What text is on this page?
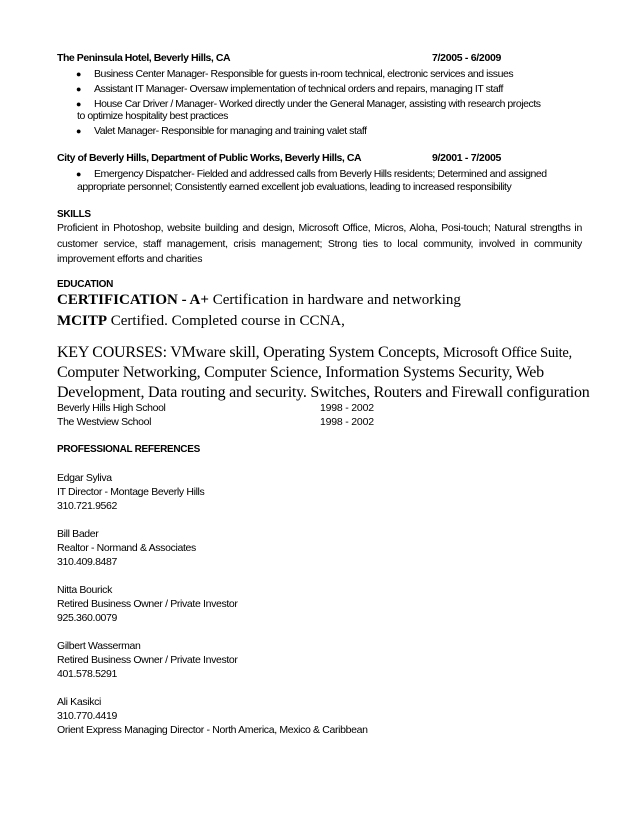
The Peninsula Hotel, Beverly Hills, CA	7/2005 - 6/2009
●	Business Center Manager- Responsible for guests in-room technical, electronic services and issues
●	Assistant IT Manager- Oversaw implementation of technical orders and repairs, managing IT staff
●	House Car Driver / Manager- Worked directly under the General Manager, assisting with research projects
to optimize hospitality best practices
●	Valet Manager- Responsible for managing and training valet staff
City of Beverly Hills, Department of Public Works, Beverly Hills, CA	9/2001 - 7/2005
●	Emergency Dispatcher- Fielded and addressed calls from Beverly Hills residents; Determined and assigned
appropriate personnel; Consistently earned excellent job evaluations, leading to increased responsibility
SKILLS
Proficient in Photoshop, website building and design, Microsoft Office, Micros, Aloha, Posi-touch; Natural strengths in customer service, staff management, crisis management; Strong ties to local community, involved in community improvement efforts and charities
EDUCATION
CERTIFICATION - A+ Certification in hardware and networking
MCITP Certified. Completed course in CCNA,
KEY COURSES: VMware skill, Operating System Concepts, Microsoft Office Suite,
Computer Networking, Computer Science, Information Systems Security, Web
Development, Data routing and security. Switches, Routers and Firewall configuration
Beverly Hills High School	1998 - 2002
The Westview School	1998 - 2002
PROFESSIONAL REFERENCES
Edgar Syliva
IT Director - Montage Beverly Hills
310.721.9562
Bill Bader
Realtor - Normand & Associates
310.409.8487
Nitta Bourick
Retired Business Owner / Private Investor
925.360.0079
Gilbert Wasserman
Retired Business Owner / Private Investor
401.578.5291
Ali Kasikci
310.770.4419
Orient Express Managing Director - North America, Mexico & Caribbean
